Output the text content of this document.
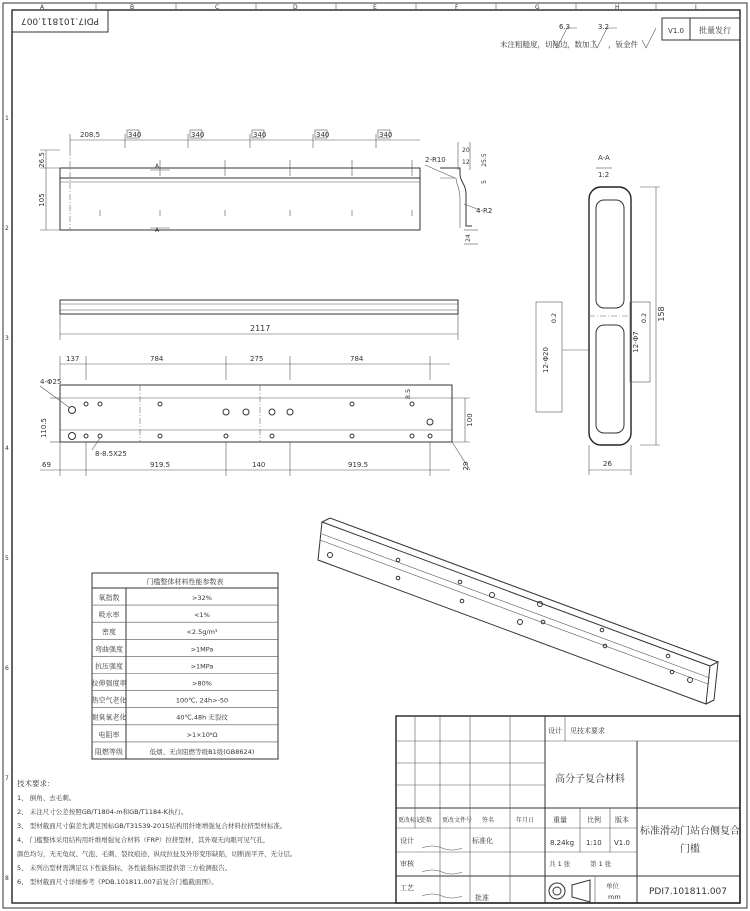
A	B	C	D	E	F	G	H	I
1
2
3
4
5
6
7
8
PDI7.101811.007
V1.0 批量发行
未注粗糙度，切削边
6.3
，数加工
3.2
，钣金件
208.5	340	340	340	340	340
A
A
26.5
105
20
12 25.5
5
2-R10
4-R2
24
2117
A-A
1:2
158
26
12-Φ20
0.2
12-Φ7
0.2
137	784	275	784
4-Φ25
8-8.5X25
110.5
8.5
100
29
69	919.5	140	919.5
门槛整体材料性能参数表
氧指数	>32%
吸水率	<1%
密度	<2.5g/m³
弯曲强度	>1MPa
抗压强度	>1MPa
拉伸强度率	>80%
热空气老化	100℃, 24h>-50
耐臭氧老化	40℃,48h 无裂纹
电阻率	>1×10⁸Ω
阻燃等级	低烟、无卤阻燃等级B1级(GB8624)
技术要求：
1、 倒角、去毛刺。
2、 未注尺寸公差按照GB/T1804-m和GB/T1184-K执行。
3、 型材截面尺寸偏差允满足国标GB/T31539-2015结构用纤维增强复合材料拉挤型材标准。
4、 门槛整体采用结构用纤维增强复合材料（FRP）拉挤型材，其外观无肉眼可见气孔，
颜色均匀，无无龟纹、气泡、毛刺、裂纹痕迹、纵纹拉扯及外形变形缺陷，切断面平齐、无分层。
5、 未列出型材需满足以下性能指标，各性能指标需提供第三方检测报告。
6、 型材截面尺寸详细参考《PDB.101811.007前复合门槛截面图》。
设计 见技术要求
高分子复合材料
更改标记
处数 更改文件号 签名	年月日	重量	比例 版本
8.24kg 1:10 V1.0
共 1 张	第 1 张
设计	标准化
审核
工艺
批准
标准滑动门站台侧复合
门槛
单位
mm	PDI7.101811.007
